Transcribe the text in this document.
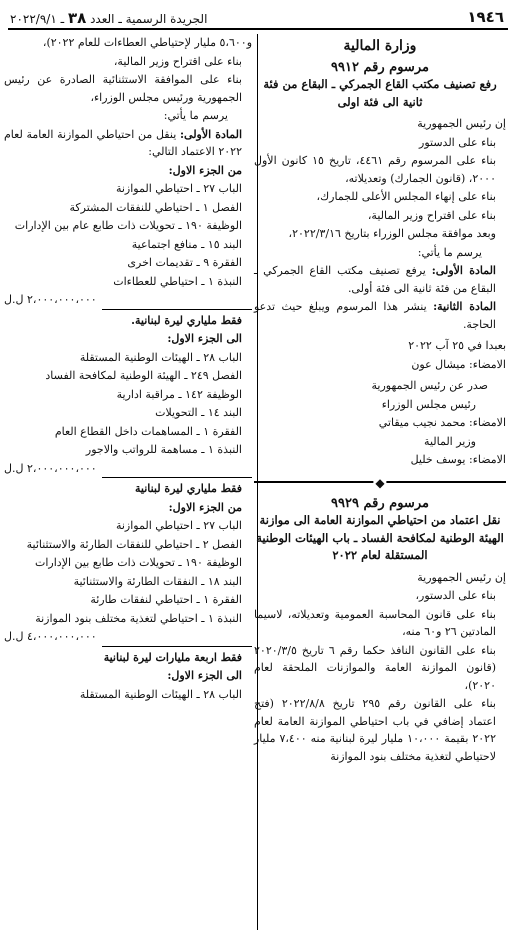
١٩٤٦
الجريدة الرسمية ـ العدد ٣٨ ـ ٢٠٢٢/٩/١
وزارة المالية
مرسوم رقم ٩٩١٢
رفع تصنيف مكتب القاع الجمركي ـ البقاع من فئة ثانية الى فئة اولى

إن رئيس الجمهورية

بناء على الدستور

بناء على المرسوم رقم ٤٤٦١، تاريخ ١٥ كانون الأول ٢٠٠٠، (قانون الجمارك) وتعديلاته،

بناء على إنهاء المجلس الأعلى للجمارك،

بناء على اقتراح وزير المالية،

وبعد موافقة مجلس الوزراء بتاريخ ٢٠٢٢/٣/١٦،

يرسم ما يأتي:

المادة الأولى: يرفع تصنيف مكتب القاع الجمركي ـ البقاع من فئة ثانية الى فئة أولى.

المادة الثانية: ينشر هذا المرسوم ويبلغ حيث تدعو الحاجة.

بعبدا في ٢٥ آب ٢٠٢٢

الامضاء: ميشال عون

صدر عن رئيس الجمهورية

رئيس مجلس الوزراء

الامضاء: محمد نجيب ميقاتي

وزير المالية

الامضاء: يوسف خليل

◆
مرسوم رقم ٩٩٢٩
نقل اعتماد من احتياطي الموازنة العامة الى موازنة الهيئة الوطنية لمكافحة الفساد ـ باب الهيئات الوطنية المستقلة لعام ٢٠٢٢

إن رئيس الجمهورية

بناء على الدستور،

بناء على قانون المحاسبة العمومية وتعديلاته، لاسيما المادتين ٢٦ و٦٠ منه،

بناء على القانون النافذ حكما رقم ٦ تاريخ ٢٠٢٠/٣/٥ (قانون الموازنة العامة والموازنات الملحقة لعام ٢٠٢٠)،

بناء على القانون رقم ٢٩٥ تاريخ ٢٠٢٢/٨/٨ (فتح اعتماد إضافي في باب احتياطي الموازنة العامة لعام ٢٠٢٢ بقيمة ١٠،٠٠٠ مليار ليرة لبنانية منه ٧،٤٠٠ مليار لاحتياطي لتغذية مختلف بنود الموازنة

و٥،٦٠٠ مليار لإحتياطي العطاءات للعام ٢٠٢٢)،

بناء على اقتراح وزير المالية،

بناء على الموافقة الاستثنائية الصادرة عن رئيس الجمهورية ورئيس مجلس الوزراء،

يرسم ما يأتي:

المادة الأولى: ينقل من احتياطي الموازنة العامة لعام ٢٠٢٢ الاعتماد التالي:

من الجزء الاول:

الباب ٢٧ ـ احتياطي الموازنة

الفصل ١ ـ احتياطي للنفقات المشتركة

الوظيفة ١٩٠ ـ تحويلات ذات طابع عام بين الإدارات

البند ١٥ ـ منافع اجتماعية

الفقرة ٩ ـ تقديمات اخرى

النبذة ١ ـ احتياطي للعطاءات

٢،٠٠٠،٠٠٠،٠٠٠ ل.ل

فقط ملياري ليرة لبنانية.

الى الجزء الاول:

الباب ٢٨ ـ الهيئات الوطنية المستقلة

الفصل ٢٤٩ ـ الهيئة الوطنية لمكافحة الفساد

الوظيفة ١٤٢ ـ مراقبة ادارية

البند ١٤ ـ التحويلات

الفقرة ١ ـ المساهمات داخل القطاع العام

النبذة ١ ـ مساهمة للرواتب والاجور

٢،٠٠٠،٠٠٠،٠٠٠ ل.ل

فقط ملياري ليرة لبنانية

من الجزء الاول:

الباب ٢٧ ـ احتياطي الموازنة

الفصل ٢ ـ احتياطي للنفقات الطارئة والاستثنائية

الوظيفة ١٩٠ ـ تحويلات ذات طابع بين الإدارات

البند ١٨ ـ النفقات الطارئة والاستثنائية

الفقرة ١ ـ احتياطي لنفقات طارئة

النبذة ١ ـ احتياطي لتغذية مختلف بنود الموازنة

٤،٠٠٠،٠٠٠،٠٠٠ ل.ل

فقط اربعة مليارات ليرة لبنانية

الى الجزء الاول:

الباب ٢٨ ـ الهيئات الوطنية المستقلة
